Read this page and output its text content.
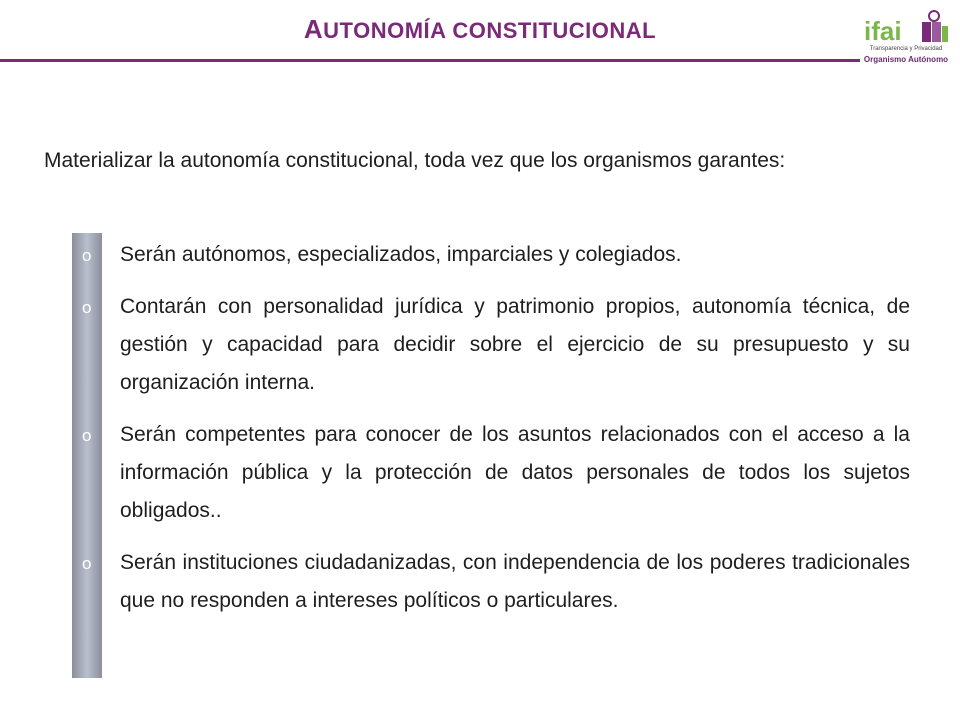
AUTONOMÍA CONSTITUCIONAL	ifai
Transparencia y Privacidad
Organismo Autónomo

Materializar la autonomía constitucional, toda vez que los organismos garantes:

o Serán autónomos, especializados, imparciales y colegiados.
o Contarán con personalidad jurídica y patrimonio propios, autonomía técnica, de gestión y capacidad para decidir sobre el ejercicio de su presupuesto y su organización interna.
o Serán competentes para conocer de los asuntos relacionados con el acceso a la información pública y la protección de datos personales de todos los sujetos obligados..
o Serán instituciones ciudadanizadas, con independencia de los poderes tradicionales que no responden a intereses políticos o particulares.
